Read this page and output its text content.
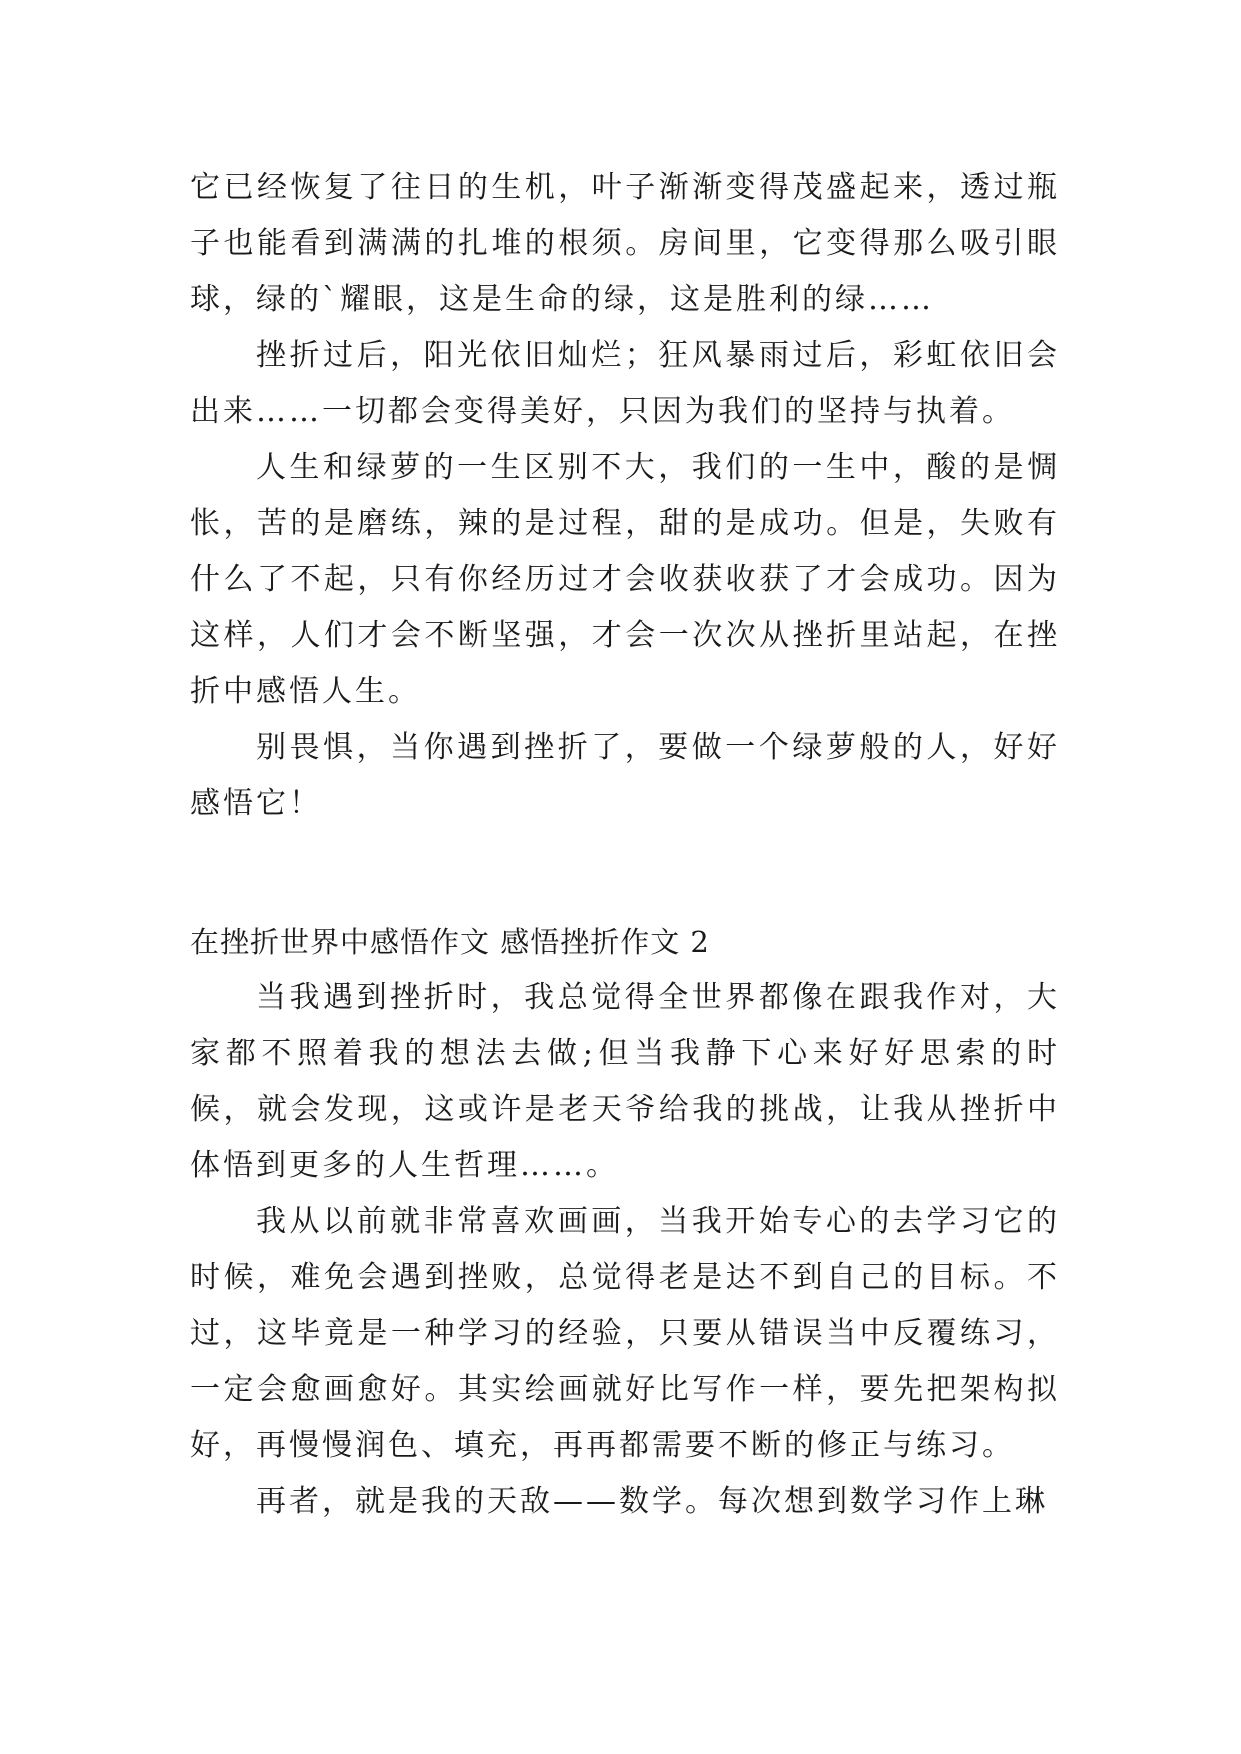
它已经恢复了往日的生机，叶子渐渐变得茂盛起来，透过瓶子也能看到满满的扎堆的根须。房间里，它变得那么吸引眼球，绿的`耀眼，这是生命的绿，这是胜利的绿……

挫折过后，阳光依旧灿烂；狂风暴雨过后，彩虹依旧会出来……一切都会变得美好，只因为我们的坚持与执着。

人生和绿萝的一生区别不大，我们的一生中，酸的是惆怅，苦的是磨练，辣的是过程，甜的是成功。但是，失败有什么了不起，只有你经历过才会收获收获了才会成功。因为这样，人们才会不断坚强，才会一次次从挫折里站起，在挫折中感悟人生。

别畏惧，当你遇到挫折了，要做一个绿萝般的人，好好感悟它！

在挫折世界中感悟作文 感悟挫折作文 2

当我遇到挫折时，我总觉得全世界都像在跟我作对，大家都不照着我的想法去做;但当我静下心来好好思索的时候，就会发现，这或许是老天爷给我的挑战，让我从挫折中体悟到更多的人生哲理……。

我从以前就非常喜欢画画，当我开始专心的去学习它的时候，难免会遇到挫败，总觉得老是达不到自己的目标。不过，这毕竟是一种学习的经验，只要从错误当中反覆练习，一定会愈画愈好。其实绘画就好比写作一样，要先把架构拟好，再慢慢润色、填充，再再都需要不断的修正与练习。

再者，就是我的天敌——数学。每次想到数学习作上琳
